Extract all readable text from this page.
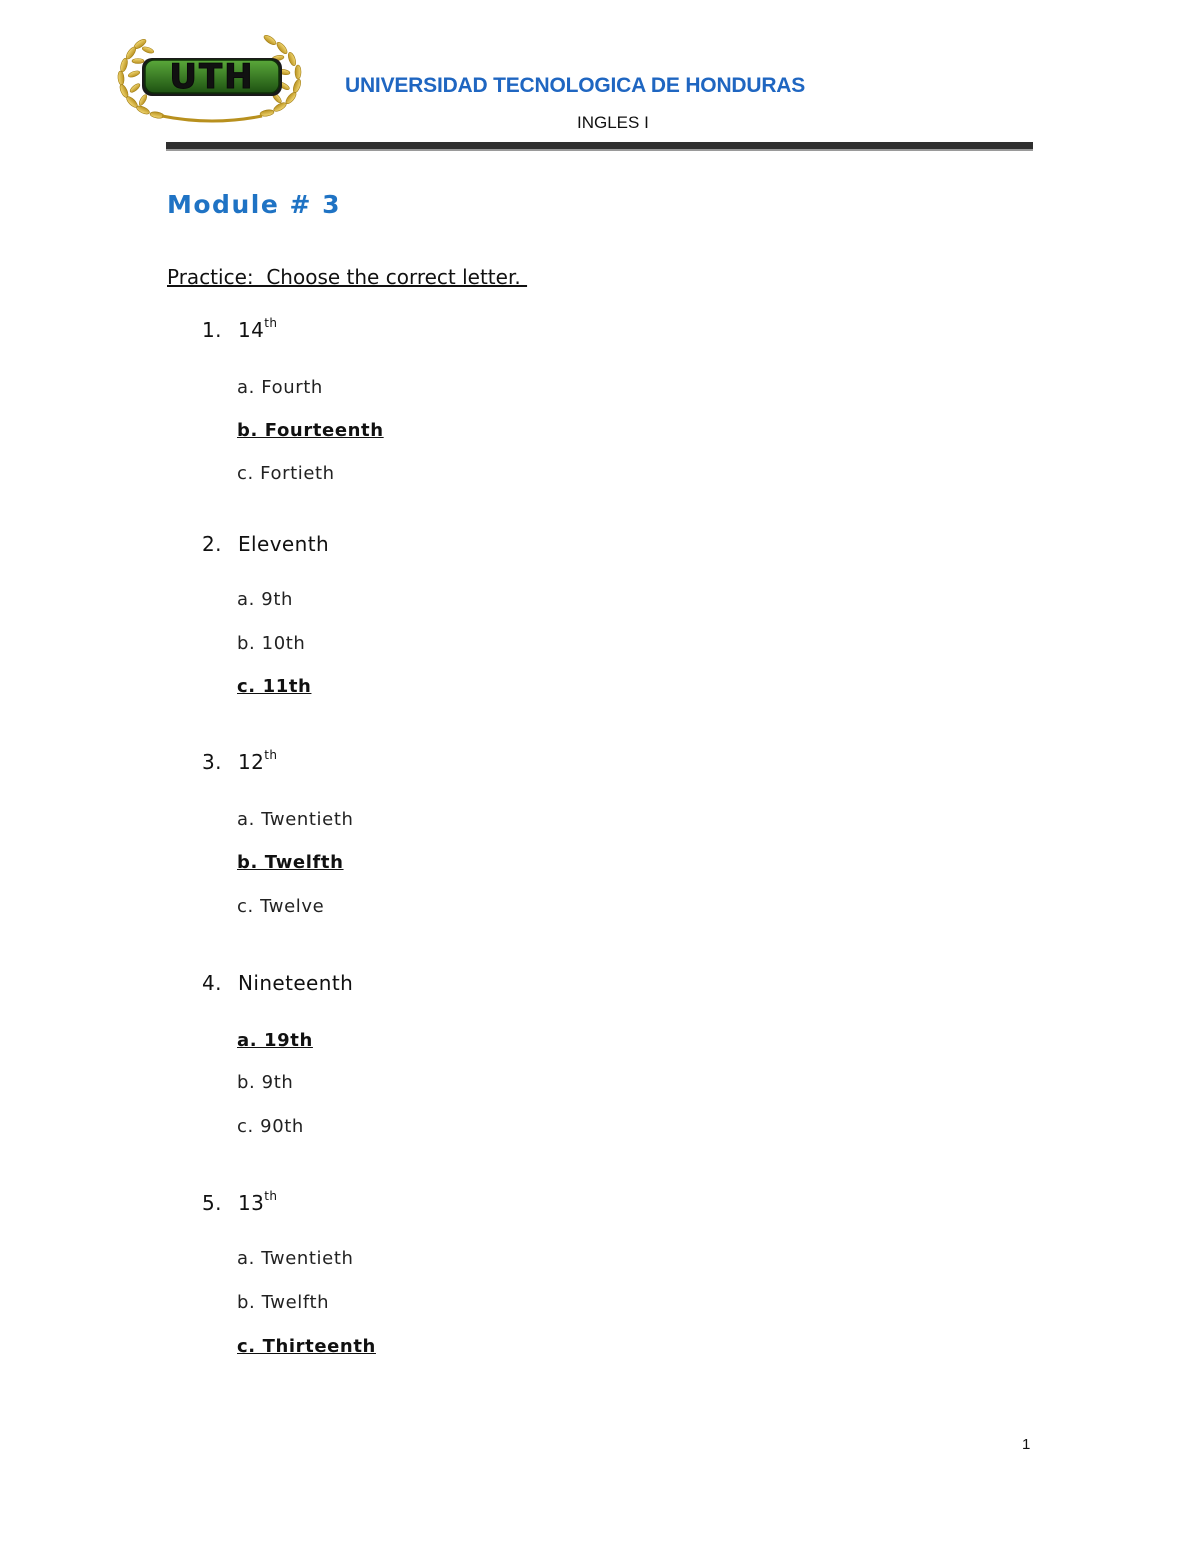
UTH	UNIVERSIDAD TECNOLOGICA DE HONDURAS
INGLES I
Module # 3
Practice:  Choose the correct letter.
1. 14th
a. Fourth
b. Fourteenth
c. Fortieth
2. Eleventh
a. 9th
b. 10th
c. 11th
3. 12th
a. Twentieth
b. Twelfth
c. Twelve
4. Nineteenth
a. 19th
b. 9th
c. 90th
5. 13th
a. Twentieth
b. Twelfth
c. Thirteenth
1
